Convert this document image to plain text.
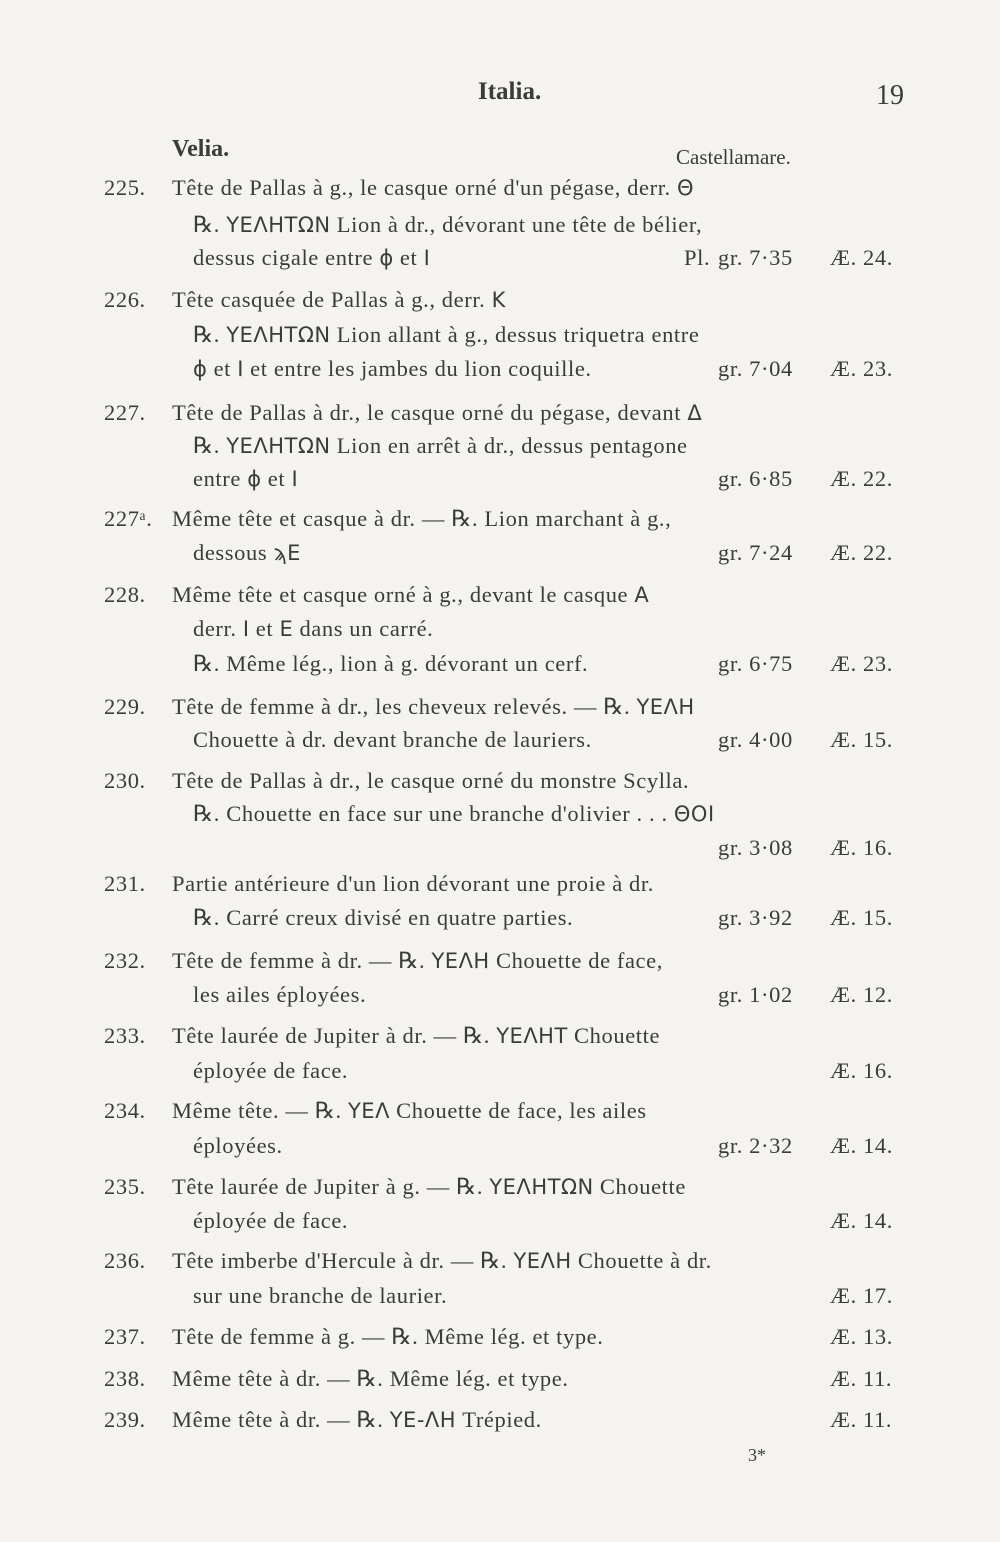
Italia.	19
Velia.	Castellamare.
225. Tête de Pallas à g., le casque orné d'un pégase, derr. Θ
℞. ΥΕΛΗΤΩΝ Lion à dr., dévorant une tête de bélier,
dessus cigale entre ϕ et Ι	Pl. gr. 7·35 Æ. 24.
226. Tête casquée de Pallas à g., derr. Κ
℞. ΥΕΛΗΤΩΝ Lion allant à g., dessus triquetra entre
ϕ et Ι et entre les jambes du lion coquille.	gr. 7·04 Æ. 23.
227. Tête de Pallas à dr., le casque orné du pégase, devant Δ
℞. ΥΕΛΗΤΩΝ Lion en arrêt à dr., dessus pentagone
entre ϕ et Ι	gr. 6·85 Æ. 22.
227ᵃ. Même tête et casque à dr. — ℞. Lion marchant à g.,
dessous ϡΕ	gr. 7·24 Æ. 22.
228. Même tête et casque orné à g., devant le casque Α
derr. Ι et Ε dans un carré.
℞. Même lég., lion à g. dévorant un cerf.	gr. 6·75 Æ. 23.
229. Tête de femme à dr., les cheveux relevés. — ℞. ΥΕΛΗ
Chouette à dr. devant branche de lauriers.	gr. 4·00 Æ. 15.
230. Tête de Pallas à dr., le casque orné du monstre Scylla.
℞. Chouette en face sur une branche d'olivier . . . ΘΟΙ
gr. 3·08 Æ. 16.
231. Partie antérieure d'un lion dévorant une proie à dr.
℞. Carré creux divisé en quatre parties.	gr. 3·92 Æ. 15.
232. Tête de femme à dr. — ℞. ΥΕΛΗ Chouette de face,
les ailes éployées.	gr. 1·02 Æ. 12.
233. Tête laurée de Jupiter à dr. — ℞. ΥΕΛΗΤ Chouette
éployée de face.	Æ. 16.
234. Même tête. — ℞. ΥΕΛ Chouette de face, les ailes
éployées.	gr. 2·32 Æ. 14.
235. Tête laurée de Jupiter à g. — ℞. ΥΕΛΗΤΩΝ Chouette
éployée de face.	Æ. 14.
236. Tête imberbe d'Hercule à dr. — ℞. ΥΕΛΗ Chouette à dr.
sur une branche de laurier.	Æ. 17.
237. Tête de femme à g. — ℞. Même lég. et type.	Æ. 13.
238. Même tête à dr. — ℞. Même lég. et type.	Æ. 11.
239. Même tête à dr. — ℞. ΥΕ-ΛΗ Trépied.	Æ. 11.
3*
